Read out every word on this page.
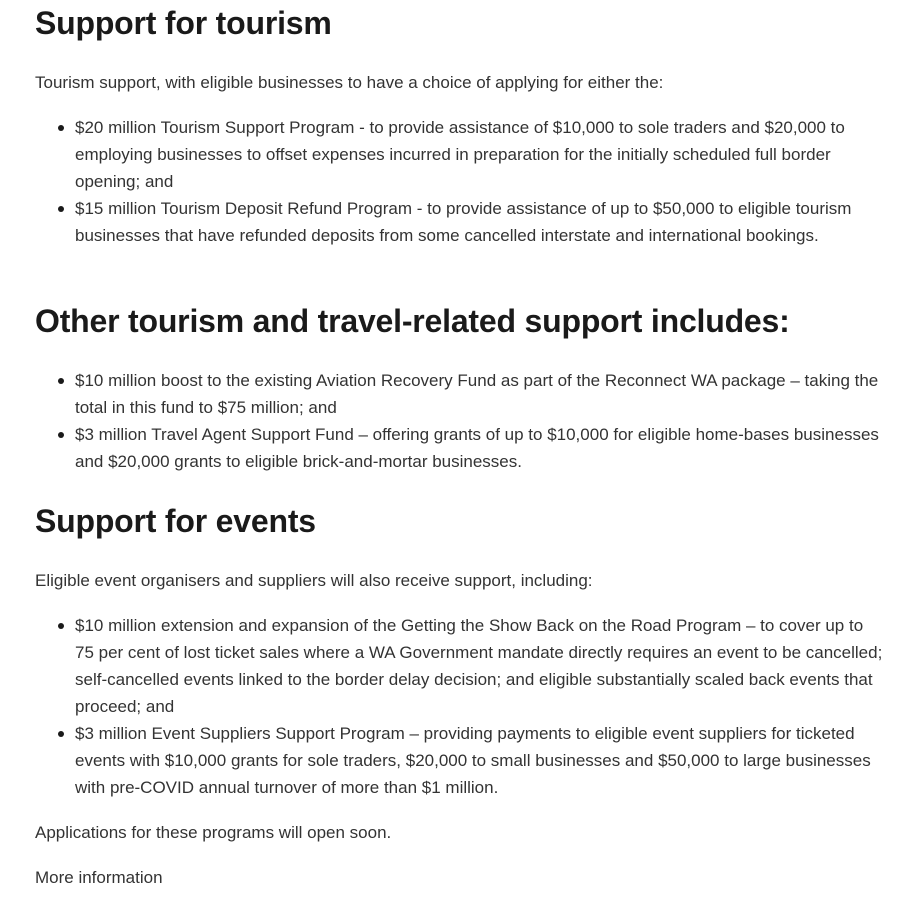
Support for tourism

Tourism support, with eligible businesses to have a choice of applying for either the:

$20 million Tourism Support Program - to provide assistance of $10,000 to sole traders and $20,000 to employing businesses to offset expenses incurred in preparation for the initially scheduled full border opening; and
$15 million Tourism Deposit Refund Program - to provide assistance of up to $50,000 to eligible tourism businesses that have refunded deposits from some cancelled interstate and international bookings.
Other tourism and travel-related support includes:
$10 million boost to the existing Aviation Recovery Fund as part of the Reconnect WA package – taking the total in this fund to $75 million; and
$3 million Travel Agent Support Fund – offering grants of up to $10,000 for eligible home-bases businesses and $20,000 grants to eligible brick-and-mortar businesses.
Support for events

Eligible event organisers and suppliers will also receive support, including:

$10 million extension and expansion of the Getting the Show Back on the Road Program – to cover up to 75 per cent of lost ticket sales where a WA Government mandate directly requires an event to be cancelled; self-cancelled events linked to the border delay decision; and eligible substantially scaled back events that proceed; and
$3 million Event Suppliers Support Program – providing payments to eligible event suppliers for ticketed events with $10,000 grants for sole traders, $20,000 to small businesses and $50,000 to large businesses with pre-COVID annual turnover of more than $1 million.

Applications for these programs will open soon.

More information
